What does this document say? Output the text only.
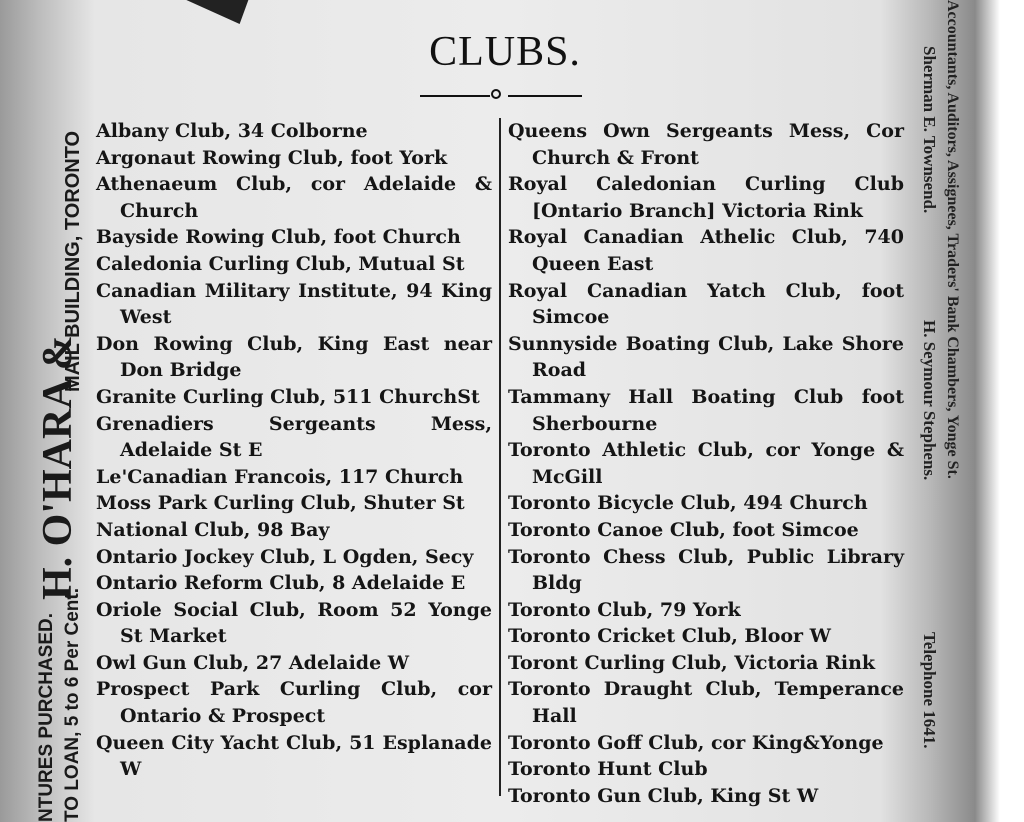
H. O'HARA &
MAIL BUILDING, TORONTO
TO LOAN, 5 to 6 Per Cent.
NTURES PURCHASED.
CLUBS.

Albany Club, 34 Colborne

Argonaut Rowing Club, foot York

Athenaeum Club, cor Adelaide & Church

Bayside Rowing Club, foot Church

Caledonia Curling Club, Mutual St

Canadian Military Institute, 94 King West

Don Rowing Club, King East near Don Bridge

Granite Curling Club, 511 ChurchSt

Grenadiers Sergeants Mess, Adelaide St E

Le'Canadian Francois, 117 Church

Moss Park Curling Club, Shuter St

National Club, 98 Bay

Ontario Jockey Club, L Ogden, Secy

Ontario Reform Club, 8 Adelaide E

Oriole Social Club, Room 52 Yonge St Market

Owl Gun Club, 27 Adelaide W

Prospect Park Curling Club, cor Ontario & Prospect

Queen City Yacht Club, 51 Esplanade W

Queens Own Sergeants Mess, Cor Church & Front

Royal Caledonian Curling Club [Ontario Branch] Victoria Rink

Royal Canadian Athelic Club, 740 Queen East

Royal Canadian Yatch Club, foot Simcoe

Sunnyside Boating Club, Lake Shore Road

Tammany Hall Boating Club foot Sherbourne

Toronto Athletic Club, cor Yonge & McGill

Toronto Bicycle Club, 494 Church

Toronto Canoe Club, foot Simcoe

Toronto Chess Club, Public Library Bldg

Toronto Club, 79 York

Toronto Cricket Club, Bloor W

Toront Curling Club, Victoria Rink

Toronto Draught Club, Temperance Hall

Toronto Goff Club, cor King&Yonge

Toronto Hunt Club

Toronto Gun Club, King St W

Sherman E. Townsend.
H. Seymour Stephens. Accountants, Auditors, Assignees, Traders' Bank Chambers, Yonge St.
Telephone 1641.
